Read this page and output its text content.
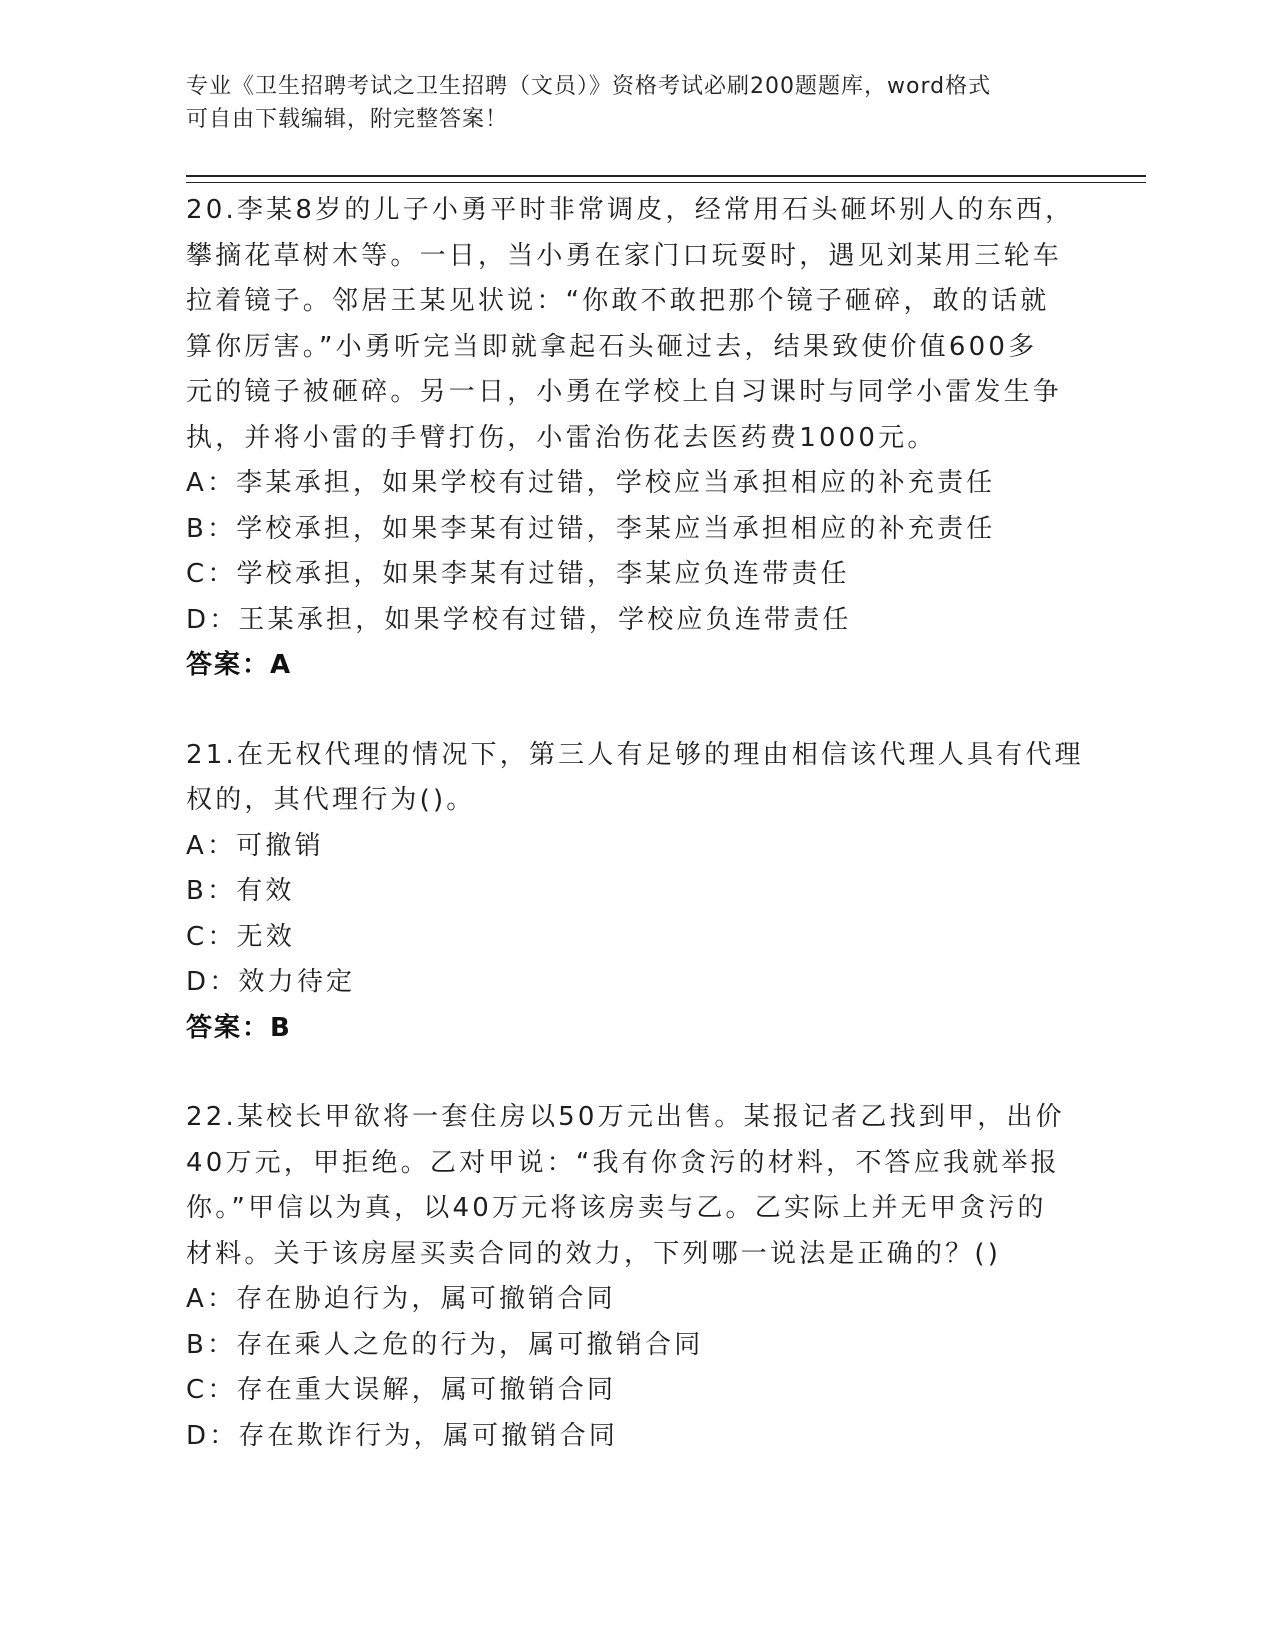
专业《卫生招聘考试之卫生招聘（文员）》资格考试必刷200题题库，word格式
可自由下载编辑，附完整答案！
20.李某8岁的儿子小勇平时非常调皮，经常用石头砸坏别人的东西，
攀摘花草树木等。一日，当小勇在家门口玩耍时，遇见刘某用三轮车
拉着镜子。邻居王某见状说：“你敢不敢把那个镜子砸碎，敢的话就
算你厉害。”小勇听完当即就拿起石头砸过去，结果致使价值600多
元的镜子被砸碎。另一日，小勇在学校上自习课时与同学小雷发生争
执，并将小雷的手臂打伤，小雷治伤花去医药费1000元。
A：李某承担，如果学校有过错，学校应当承担相应的补充责任
B：学校承担，如果李某有过错，李某应当承担相应的补充责任
C：学校承担，如果李某有过错，李某应负连带责任
D：王某承担，如果学校有过错，学校应负连带责任
答案：A
21.在无权代理的情况下，第三人有足够的理由相信该代理人具有代理
权的，其代理行为()。
A：可撤销
B：有效
C：无效
D：效力待定
答案：B
22.某校长甲欲将一套住房以50万元出售。某报记者乙找到甲，出价
40万元，甲拒绝。乙对甲说：“我有你贪污的材料，不答应我就举报
你。”甲信以为真，以40万元将该房卖与乙。乙实际上并无甲贪污的
材料。关于该房屋买卖合同的效力，下列哪一说法是正确的？()
A：存在胁迫行为，属可撤销合同
B：存在乘人之危的行为，属可撤销合同
C：存在重大误解，属可撤销合同
D：存在欺诈行为，属可撤销合同
